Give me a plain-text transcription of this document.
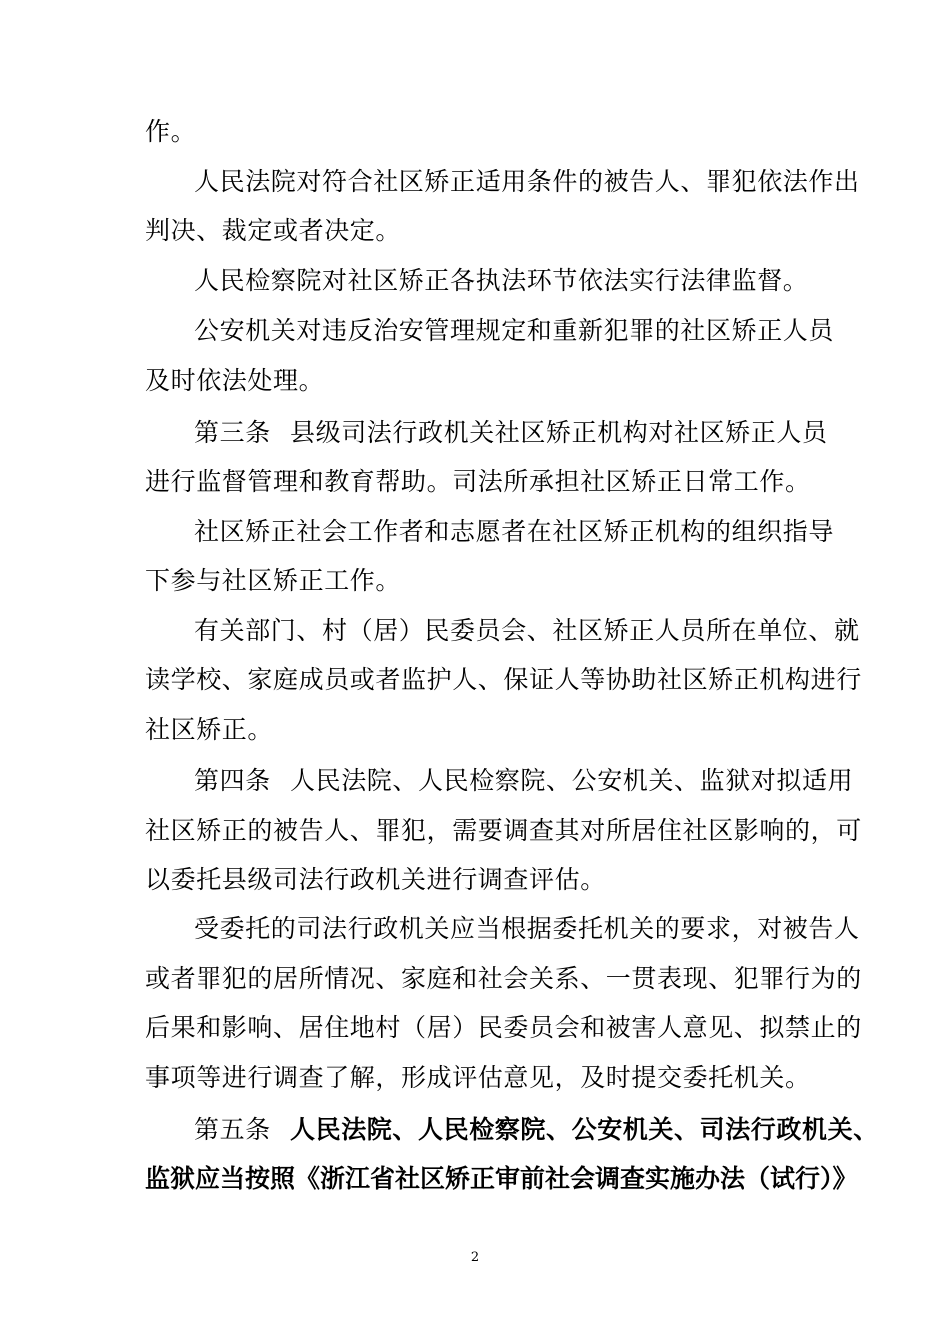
作。
人民法院对符合社区矫正适用条件的被告人、罪犯依法作出
判决、裁定或者决定。
人民检察院对社区矫正各执法环节依法实行法律监督。
公安机关对违反治安管理规定和重新犯罪的社区矫正人员
及时依法处理。
第三条 县级司法行政机关社区矫正机构对社区矫正人员
进行监督管理和教育帮助。司法所承担社区矫正日常工作。
社区矫正社会工作者和志愿者在社区矫正机构的组织指导
下参与社区矫正工作。
有关部门、村（居）民委员会、社区矫正人员所在单位、就
读学校、家庭成员或者监护人、保证人等协助社区矫正机构进行
社区矫正。
第四条 人民法院、人民检察院、公安机关、监狱对拟适用
社区矫正的被告人、罪犯，需要调查其对所居住社区影响的，可
以委托县级司法行政机关进行调查评估。
受委托的司法行政机关应当根据委托机关的要求，对被告人
或者罪犯的居所情况、家庭和社会关系、一贯表现、犯罪行为的
后果和影响、居住地村（居）民委员会和被害人意见、拟禁止的
事项等进行调查了解，形成评估意见，及时提交委托机关。
第五条 人民法院、人民检察院、公安机关、司法行政机关、
监狱应当按照《浙江省社区矫正审前社会调查实施办法（试行）》
2
